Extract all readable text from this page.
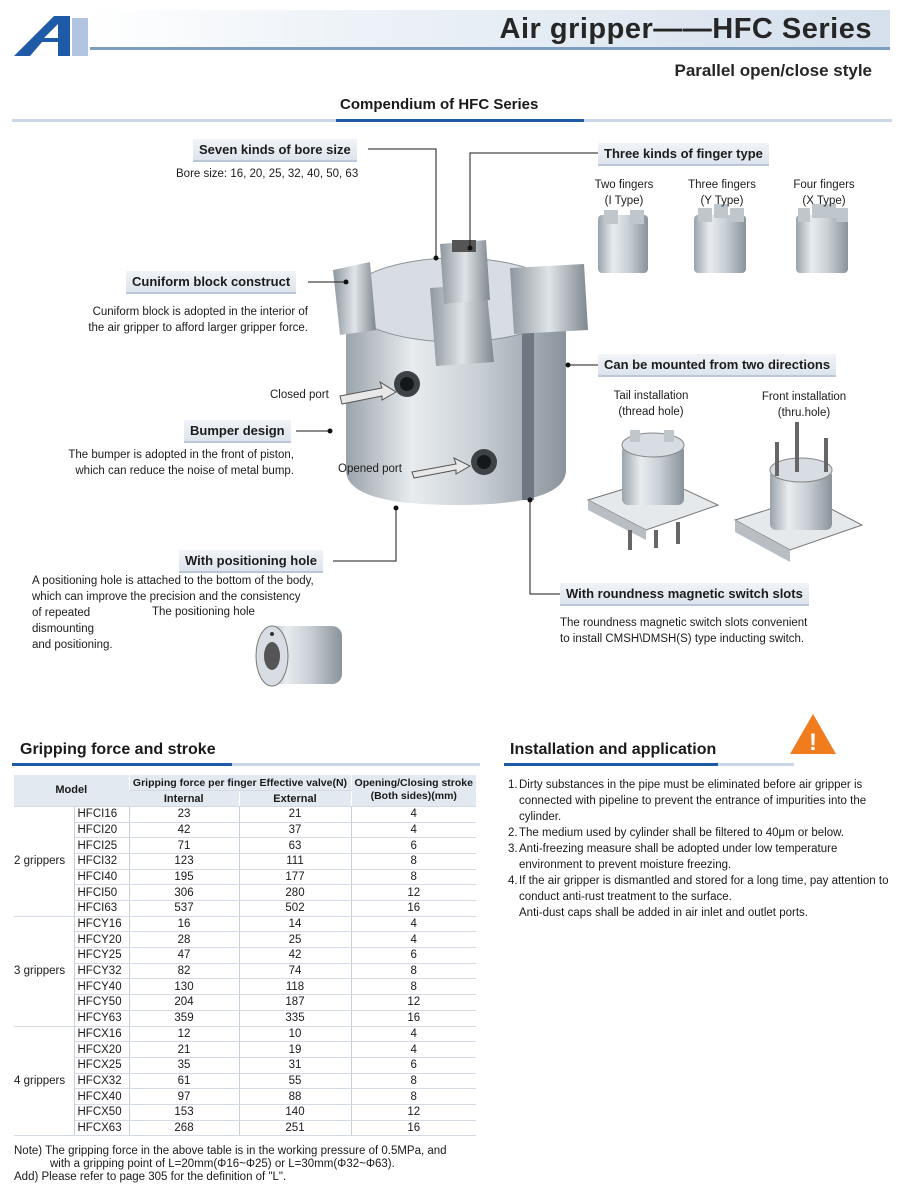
Air gripper——HFC Series
Parallel open/close style
Compendium of HFC Series
!
Seven kinds of bore size
Bore size: 16, 20, 25, 32, 40, 50, 63
Three kinds of finger type
Two fingers
(I Type)
Three fingers
(Y Type)
Four fingers
(X Type)
Cuniform block construct
Cuniform block is adopted in the interior of
the air gripper to afford larger gripper force.
Can be mounted from two directions
Tail installation
(thread hole)
Front installation
(thru.hole)
Closed port
Opened port
Bumper design
The bumper is adopted in the front of piston,
which can reduce the noise of metal bump.
With positioning hole
A positioning hole is attached to the bottom of the body,
which can improve the precision and the consistency
of repeated
dismounting
and positioning.
The positioning hole
With roundness magnetic switch slots
The roundness magnetic switch slots convenient
to install CMSH\DMSH(S) type inducting switch.
Gripping force and stroke
Model		Gripping force per finger Effective valve(N)		Opening/Closing stroke
(Both sides)(mm)

		Internal	External	
2 grippers	HFCI16	23	21	4
	HFCI20	42	37	4
	HFCI25	71	63	6
	HFCI32	123	111	8
	HFCI40	195	177	8
	HFCI50	306	280	12
	HFCI63	537	502	16
3 grippers	HFCY16	16	14	4
	HFCY20	28	25	4
	HFCY25	47	42	6
	HFCY32	82	74	8
	HFCY40	130	118	8
	HFCY50	204	187	12
	HFCY63	359	335	16
4 grippers	HFCX16	12	10	4
	HFCX20	21	19	4
	HFCX25	35	31	6
	HFCX32	61	55	8
	HFCX40	97	88	8
	HFCX50	153	140	12
	HFCX63	268	251	16
Note) The gripping force in the above table is in the working pressure of 0.5MPa, and
with a gripping point of L=20mm(Φ16~Φ25) or L=30mm(Φ32~Φ63).
Add) Please refer to page 305 for the definition of "L".
Installation and application
1. Dirty substances in the pipe must be eliminated before air gripper is connected with pipeline to prevent the entrance of impurities into the cylinder.
2. The medium used by cylinder shall be filtered to 40μm or below.
3. Anti-freezing measure shall be adopted under low temperature environment to prevent moisture freezing.
4. If the air gripper is dismantled and stored for a long time, pay attention to conduct anti-rust treatment to the surface.
Anti-dust caps shall be added in air inlet and outlet ports.
